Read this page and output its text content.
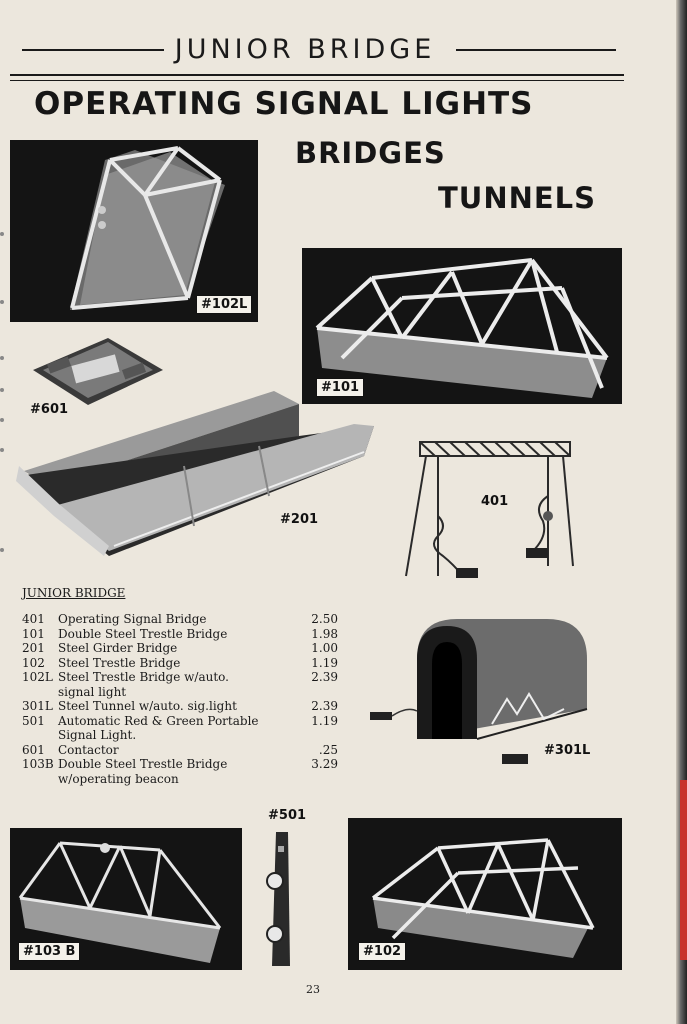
JUNIOR BRIDGE
OPERATING SIGNAL LIGHTS
BRIDGES
TUNNELS
#102L
#101
#601
#201
401
JUNIOR BRIDGE
401	Operating Signal Bridge	2.50
101	Double Steel Trestle Bridge	1.98
201	Steel Girder Bridge	1.00
102	Steel Trestle Bridge	1.19
102L Steel Trestle Bridge w/auto.	2.39
signal light
301L Steel Tunnel w/auto. sig.light	2.39
501	Automatic Red & Green Portable	1.19
Signal Light.
601	Contactor	.25
103B Double Steel Trestle Bridge	3.29
w/operating beacon
#301L
#103 B
#501
#102
23
